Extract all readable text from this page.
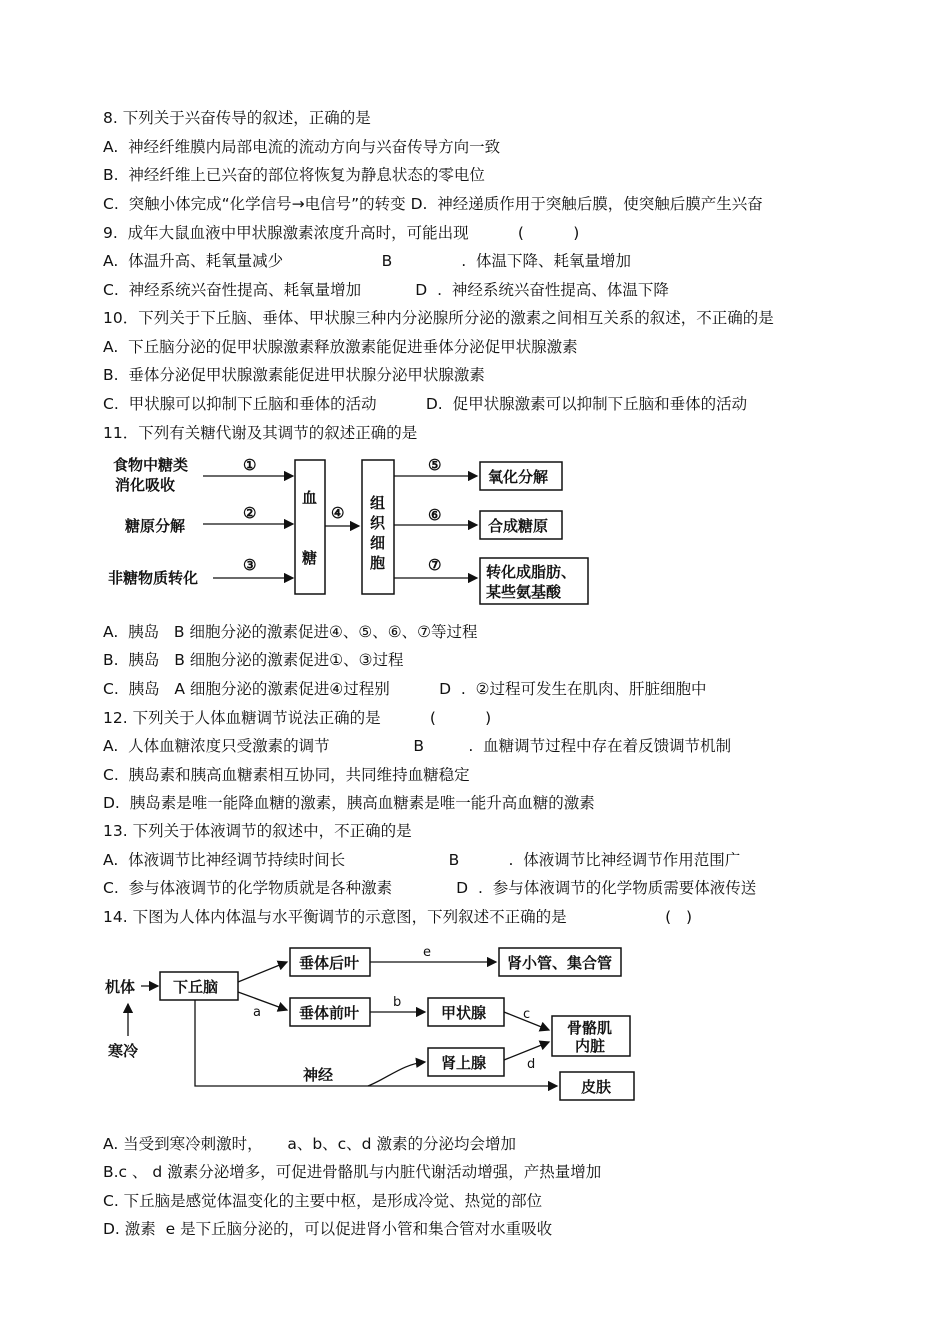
8. 下列关于兴奋传导的叙述，正确的是
A.  神经纤维膜内局部电流的流动方向与兴奋传导方向一致
B.  神经纤维上已兴奋的部位将恢复为静息状态的零电位
C.  突触小体完成“化学信号→电信号”的转变 D.  神经递质作用于突触后膜，使突触后膜产生兴奋
9.  成年大鼠血液中甲状腺激素浓度升高时，可能出现          (          )
A.  体温升高、耗氧量减少                    B              .  体温下降、耗氧量增加
C.  神经系统兴奋性提高、耗氧量增加           D  .  神经系统兴奋性提高、体温下降
10．下列关于下丘脑、垂体、甲状腺三种内分泌腺所分泌的激素之间相互关系的叙述，不正确的是
A.  下丘脑分泌的促甲状腺激素释放激素能促进垂体分泌促甲状腺激素
B.  垂体分泌促甲状腺激素能促进甲状腺分泌甲状腺激素
C.  甲状腺可以抑制下丘脑和垂体的活动          D.  促甲状腺激素可以抑制下丘脑和垂体的活动
11．下列有关糖代谢及其调节的叙述正确的是
食物中糖类
消化吸收
糖原分解
非糖物质转化
①
②
③
血
糖
④
组
织
细
胞
⑤
⑥
⑦
氧化分解
合成糖原
转化成脂肪、
某些氨基酸
A.  胰岛   B 细胞分泌的激素促进④、⑤、⑥、⑦等过程
B.  胰岛   B 细胞分泌的激素促进①、③过程
C.  胰岛   A 细胞分泌的激素促进④过程别          D  .  ②过程可发生在肌肉、肝脏细胞中
12. 下列关于人体血糖调节说法正确的是          (          )
A.  人体血糖浓度只受激素的调节                 B         .  血糖调节过程中存在着反馈调节机制
C.  胰岛素和胰高血糖素相互协同，共同维持血糖稳定
D.  胰岛素是唯一能降血糖的激素，胰高血糖素是唯一能升高血糖的激素
13. 下列关于体液调节的叙述中，不正确的是
A.  体液调节比神经调节持续时间长                     B          .  体液调节比神经调节作用范围广
C.  参与体液调节的化学物质就是各种激素             D  .  参与体液调节的化学物质需要体液传送
14. 下图为人体内体温与水平衡调节的示意图，下列叙述不正确的是                    (   )
机体
寒冷
下丘脑
垂体后叶
e
肾小管、集合管
a	垂体前叶
b
甲状腺	c
骨骼肌
内脏
神经
肾上腺	d
皮肤
A. 当受到寒冷刺激时，     a、b、c、d 激素的分泌均会增加
B.c 、 d 激素分泌增多，可促进骨骼肌与内脏代谢活动增强，产热量增加
C. 下丘脑是感觉体温变化的主要中枢，是形成冷觉、热觉的部位
D. 激素  e 是下丘脑分泌的，可以促进肾小管和集合管对水重吸收
